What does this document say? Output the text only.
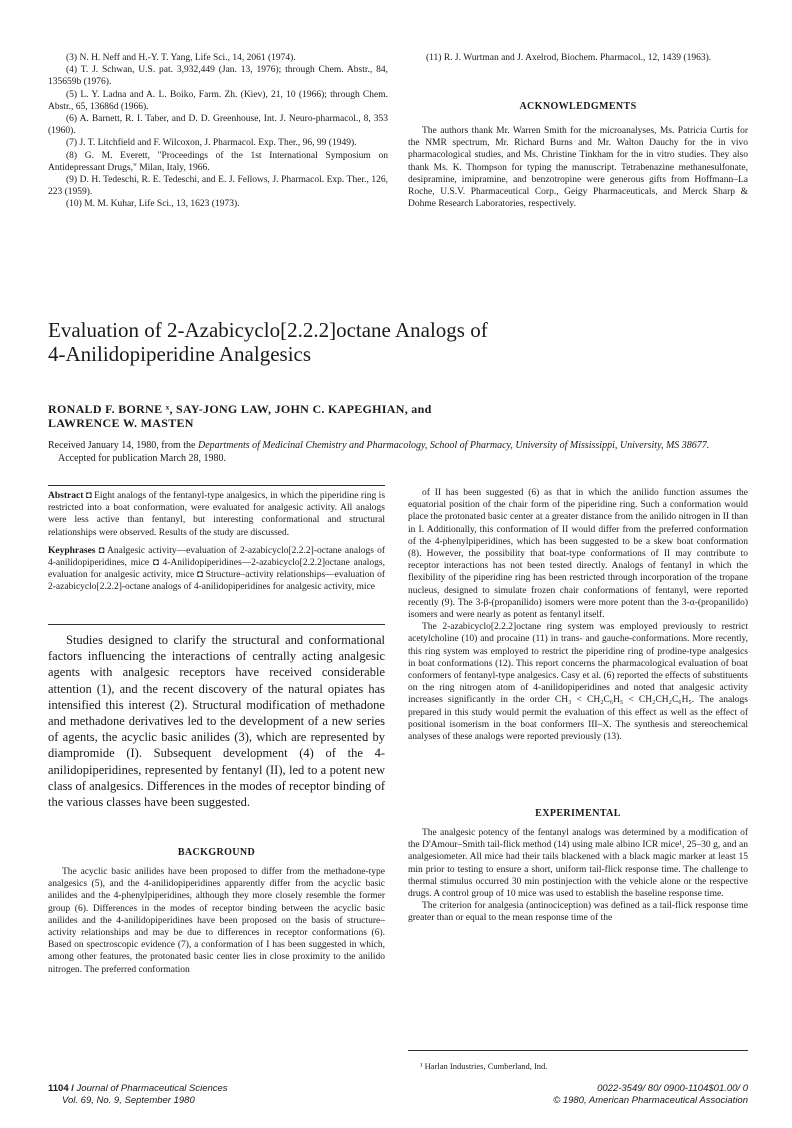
(3) N. H. Neff and H.-Y. T. Yang, Life Sci., 14, 2061 (1974).

(4) T. J. Schwan, U.S. pat. 3,932,449 (Jan. 13, 1976); through Chem. Abstr., 84, 135659b (1976).

(5) L. Y. Ladna and A. L. Boiko, Farm. Zh. (Kiev), 21, 10 (1966); through Chem. Abstr., 65, 13686d (1966).

(6) A. Barnett, R. I. Taber, and D. D. Greenhouse, Int. J. Neuro-pharmacol., 8, 353 (1960).

(7) J. T. Litchfield and F. Wilcoxon, J. Pharmacol. Exp. Ther., 96, 99 (1949).

(8) G. M. Everett, "Proceedings of the 1st International Symposium on Antidepressant Drugs," Milan, Italy, 1966.

(9) D. H. Tedeschi, R. E. Tedeschi, and E. J. Fellows, J. Pharmacol. Exp. Ther., 126, 223 (1959).

(10) M. M. Kuhar, Life Sci., 13, 1623 (1973).

(11) R. J. Wurtman and J. Axelrod, Biochem. Pharmacol., 12, 1439 (1963).

ACKNOWLEDGMENTS

The authors thank Mr. Warren Smith for the microanalyses, Ms. Patricia Curtis for the NMR spectrum, Mr. Richard Burns and Mr. Walton Dauchy for the in vivo pharmacological studies, and Ms. Christine Tinkham for the in vitro studies. They also thank Ms. K. Thompson for typing the manuscript. Tetrabenazine methanesulfonate, desipramine, imipramine, and benzotropine were generous gifts from Hoffmann–La Roche, U.S.V. Pharmaceutical Corp., Geigy Pharmaceuticals, and Merck Sharp & Dohme Research Laboratories, respectively.

Evaluation of 2-Azabicyclo[2.2.2]octane Analogs of
4-Anilidopiperidine Analgesics
RONALD F. BORNE ˣ, SAY-JONG LAW, JOHN C. KAPEGHIAN, and
LAWRENCE W. MASTEN
Received January 14, 1980, from the Departments of Medicinal Chemistry and Pharmacology, School of Pharmacy, University of Mississippi, University, MS 38677. Accepted for publication March 28, 1980.

Abstract ◘ Eight analogs of the fentanyl-type analgesics, in which the piperidine ring is restricted into a boat conformation, were evaluated for analgesic activity. All analogs were less active than fentanyl, but interesting conformational and structural relationships were observed. Results of the study are discussed.

Keyphrases ◘ Analgesic activity—evaluation of 2-azabicyclo[2.2.2]-octane analogs of 4-anilidopiperidines, mice ◘ 4-Anilidopiperidines—2-azabicyclo[2.2.2]octane analogs, evaluation for analgesic activity, mice ◘ Structure–activity relationships—evaluation of 2-azabicyclo[2.2.2]-octane analogs of 4-anilidopiperidines for analgesic activity, mice

Studies designed to clarify the structural and conformational factors influencing the interactions of centrally acting analgesic agents with analgesic receptors have received considerable attention (1), and the recent discovery of the natural opiates has intensified this interest (2). Structural modification of methadone and methadone derivatives led to the development of a new series of agents, the acyclic basic anilides (3), which are represented by diampromide (I). Subsequent development (4) of the 4-anilidopiperidines, represented by fentanyl (II), led to a potent new class of analgesics. Differences in the modes of receptor binding of the various classes have been suggested.

BACKGROUND

The acyclic basic anilides have been proposed to differ from the methadone-type analgesics (5), and the 4-anilidopiperidines apparently differ from the acyclic basic anilides and the 4-phenylpiperidines, although they more closely resemble the former group (6). Differences in the modes of receptor binding between the acyclic basic anilides and the 4-anilidopiperidines have been proposed on the basis of structure–activity relationships and may be due to differences in receptor conformations (6). Based on spectroscopic evidence (7), a conformation of I has been suggested in which, among other features, the protonated basic center lies in close proximity to the anilido nitrogen. The preferred conformation

of II has been suggested (6) as that in which the anilido function assumes the equatorial position of the chair form of the piperidine ring. Such a conformation would place the protonated basic center at a greater distance from the anilido nitrogen in II than in I. Additionally, this conformation of II would differ from the preferred conformation of the 4-phenylpiperidines, which has been suggested to be a skew boat conformation (8). However, the possibility that boat-type conformations of II may contribute to receptor interactions has not been tested directly. Analogs of fentanyl in which the flexibility of the piperidine ring has been restricted through incorporation of the tropane nucleus, designed to simulate frozen chair conformations of fentanyl, were reported recently (9). The 3-β-(propanilido) isomers were more potent than the 3-α-(propanilido) isomers and were nearly as potent as fentanyl itself.

The 2-azabicyclo[2.2.2]octane ring system was employed previously to restrict acetylcholine (10) and procaine (11) in trans- and gauche-conformations. More recently, this ring system was employed to restrict the piperidine ring of prodine-type analgesics in boat conformations (12). This report concerns the pharmacological evaluation of boat conformers of fentanyl-type analgesics. Casy et al. (6) reported the effects of substituents on the ring nitrogen atom of 4-anilidopiperidines and noted that analgesic activity increases significantly in the order CH₃ < CH₂C₆H₅ < CH₂CH₂C₆H₅. The analogs prepared in this study would permit the evaluation of this effect as well as the effect of positional isomerism in the boat conformers III–X. The synthesis and stereochemical analyses of these analogs were reported previously (13).

EXPERIMENTAL

The analgesic potency of the fentanyl analogs was determined by a modification of the D'Amour–Smith tail-flick method (14) using male albino ICR mice¹, 25–30 g, and an analgesiometer. All mice had their tails blackened with a black magic marker at least 15 min prior to testing to ensure a short, uniform tail-flick response time. The challenge to thermal stimulus occurred 30 min postinjection with the vehicle alone or the respective drugs. A control group of 10 mice was used to establish the baseline response time.

The criterion for analgesia (antinociception) was defined as a tail-flick response time greater than or equal to the mean response time of the

¹ Harlan Industries, Cumberland, Ind.
1104 / Journal of Pharmaceutical Sciences
Vol. 69, No. 9, September 1980
0022-3549/ 80/ 0900-1104$01.00/ 0
© 1980, American Pharmaceutical Association
